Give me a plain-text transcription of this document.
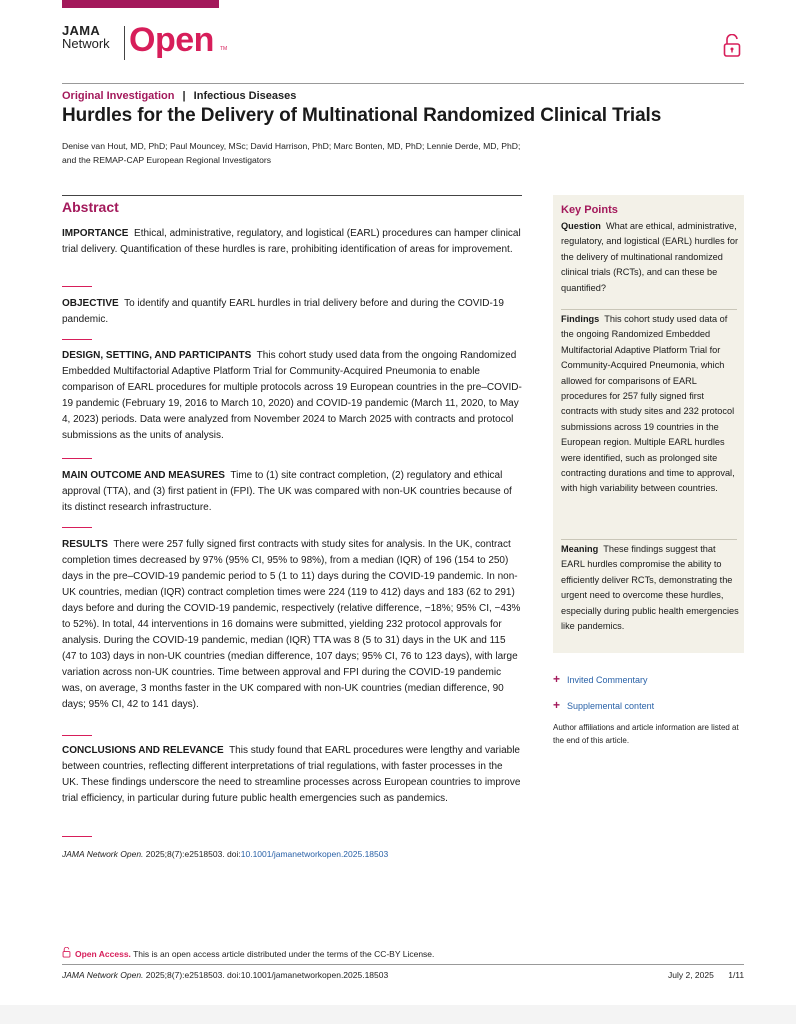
JAMA
Network Open TM
Original Investigation | Infectious Diseases
Hurdles for the Delivery of Multinational Randomized Clinical Trials
Denise van Hout, MD, PhD; Paul Mouncey, MSc; David Harrison, PhD; Marc Bonten, MD, PhD; Lennie Derde, MD, PhD;
and the REMAP-CAP European Regional Investigators
Abstract
IMPORTANCE Ethical, administrative, regulatory, and logistical (EARL) procedures can hamper clinical trial delivery. Quantification of these hurdles is rare, prohibiting identification of areas for improvement.
OBJECTIVE To identify and quantify EARL hurdles in trial delivery before and during the COVID-19 pandemic.
DESIGN, SETTING, AND PARTICIPANTS This cohort study used data from the ongoing Randomized Embedded Multifactorial Adaptive Platform Trial for Community-Acquired Pneumonia to enable comparison of EARL procedures for multiple protocols across 19 European countries in the pre–COVID-19 pandemic (February 19, 2016 to March 10, 2020) and COVID-19 pandemic (March 11, 2020, to May 4, 2023) periods. Data were analyzed from November 2024 to March 2025 with contracts and protocol submissions as the units of analysis.
MAIN OUTCOME AND MEASURES Time to (1) site contract completion, (2) regulatory and ethical approval (TTA), and (3) first patient in (FPI). The UK was compared with non-UK countries because of its distinct research infrastructure.
RESULTS There were 257 fully signed first contracts with study sites for analysis. In the UK, contract completion times decreased by 97% (95% CI, 95% to 98%), from a median (IQR) of 196 (154 to 250) days in the pre–COVID-19 pandemic period to 5 (1 to 11) days during the COVID-19 pandemic. In non-UK countries, median (IQR) contract completion times were 224 (119 to 412) days and 183 (62 to 291) days before and during the COVID-19 pandemic, respectively (relative difference, −18%; 95% CI, −43% to 52%). In total, 44 interventions in 16 domains were submitted, yielding 232 protocol approvals for analysis. During the COVID-19 pandemic, median (IQR) TTA was 8 (5 to 31) days in the UK and 115 (47 to 103) days in non-UK countries (median difference, 107 days; 95% CI, 76 to 123 days), with large variation across non-UK countries. Time between approval and FPI during the COVID-19 pandemic was, on average, 3 months faster in the UK compared with non-UK countries (median difference, 90 days; 95% CI, 42 to 141 days).
CONCLUSIONS AND RELEVANCE This study found that EARL procedures were lengthy and variable between countries, reflecting different interpretations of trial regulations, with faster processes in the UK. These findings underscore the need to streamline processes across European countries to improve trial efficiency, in particular during future public health emergencies such as pandemics.
JAMA Network Open. 2025;8(7):e2518503. doi:10.1001/jamanetworkopen.2025.18503
Key Points
Question What are ethical, administrative, regulatory, and logistical (EARL) hurdles for the delivery of multinational randomized clinical trials (RCTs), and can these be quantified?
Findings This cohort study used data of the ongoing Randomized Embedded Multifactorial Adaptive Platform Trial for Community-Acquired Pneumonia, which allowed for comparisons of EARL procedures for 257 fully signed first contracts with study sites and 232 protocol submissions across 19 countries in the European region. Multiple EARL hurdles were identified, such as prolonged site contracting durations and time to approval, with high variability between countries.
Meaning These findings suggest that EARL hurdles compromise the ability to efficiently deliver RCTs, demonstrating the urgent need to overcome these hurdles, especially during public health emergencies like pandemics.
+ Invited Commentary
+ Supplemental content
Author affiliations and article information are listed at the end of this article.
Open Access. This is an open access article distributed under the terms of the CC-BY License.
JAMA Network Open. 2025;8(7):e2518503. doi:10.1001/jamanetworkopen.2025.18503	July 2, 2025 1/11
